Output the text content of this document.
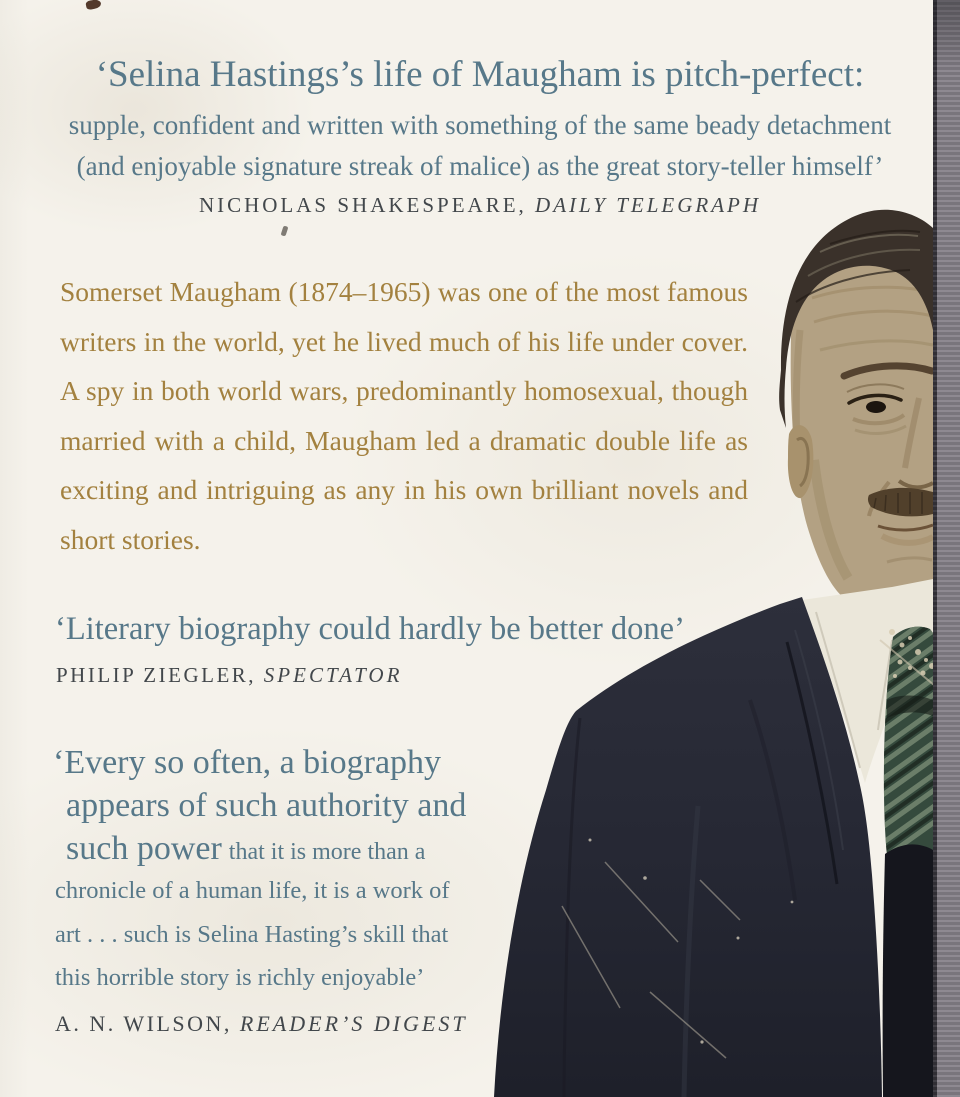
‘Selina Hastings’s life of Maugham is pitch-perfect:
supple, confident and written with something of the same beady detachment
(and enjoyable signature streak of malice) as the great story-teller himself’
NICHOLAS SHAKESPEARE, DAILY TELEGRAPH
Somerset Maugham (1874–1965) was one of the most famous
writers in the world, yet he lived much of his life under cover.
A spy in both world wars, predominantly homosexual, though
married with a child, Maugham led a dramatic double life as
exciting and intriguing as any in his own brilliant novels and
short stories.
‘Literary biography could hardly be better done’
PHILIP ZIEGLER, SPECTATOR
‘Every so often, a biography
appears of such authority and
such power that it is more than a
chronicle of a human life, it is a work of
art . . . such is Selina Hasting’s skill that
this horrible story is richly enjoyable’
A. N. WILSON, READER’S DIGEST
